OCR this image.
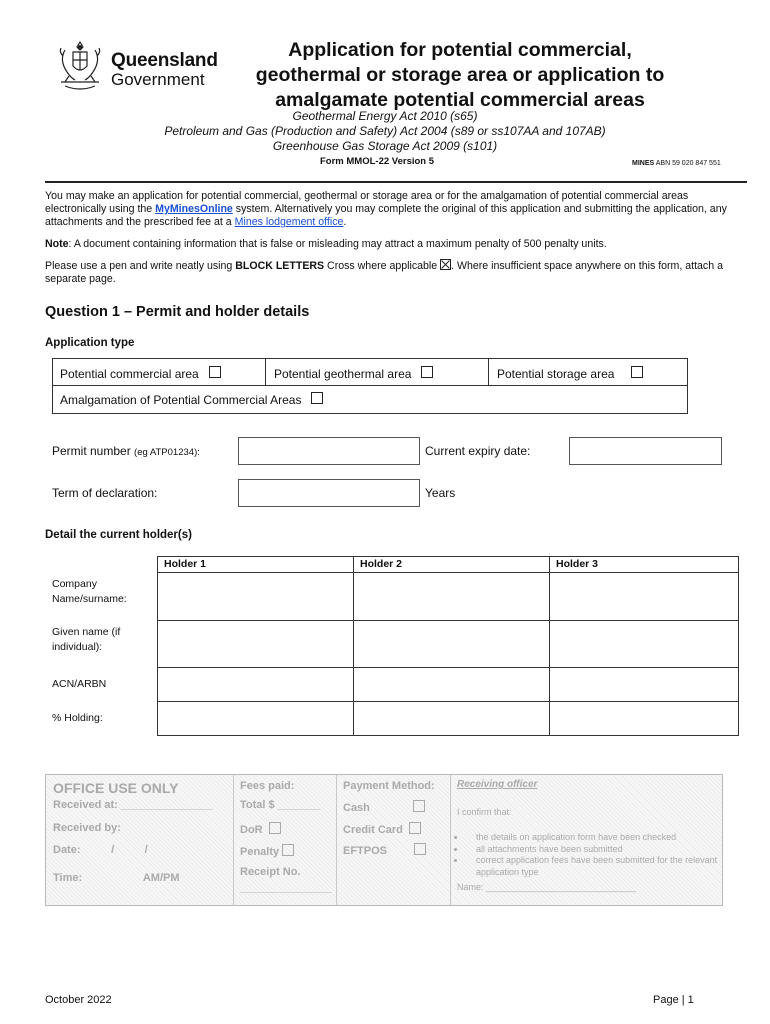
Queensland
Government
Application for potential commercial,
geothermal or storage area or application to
amalgamate potential commercial areas
Geothermal Energy Act 2010 (s65)
Petroleum and Gas (Production and Safety) Act 2004 (s89 or ss107AA and 107AB)
Greenhouse Gas Storage Act 2009 (s101)
Form MMOL-22 Version 5	MINES ABN 59 020 847 551
You may make an application for potential commercial, geothermal or storage area or for the amalgamation of potential commercial areas electronically using the MyMinesOnline system. Alternatively you may complete the original of this application and submitting the application, any attachments and the prescribed fee at a Mines lodgement office.
Note: A document containing information that is false or misleading may attract a maximum penalty of 500 penalty units.
Please use a pen and write neatly using BLOCK LETTERS Cross where applicable ☒. Where insufficient space anywhere on this form, attach a separate page.
Question 1 – Permit and holder details
Application type
Potential commercial area	Potential geothermal area	Potential storage area
Amalgamation of Potential Commercial Areas
Permit number (eg ATP01234):	Current expiry date:
Term of declaration:	Years
Detail the current holder(s)
	Holder 1	Holder 2	Holder 3
Company Name/surname:			
Given name (if individual):			
ACN/ARBN			
% Holding:			
OFFICE USE ONLY
Received at: _______________
Received by:
Date:          /          /
Time:                    AM/PM
Fees paid:
Total $ _______
DoR
Penalty
Receipt No.
_______________
Payment Method:
Cash
Credit Card
EFTPOS
Receiving officer
I confirm that:
• the details on application form have been checked
• all attachments have been submitted
• correct application fees have been submitted for the relevant application type
Name: ______________________________
October 2022	Page | 1
